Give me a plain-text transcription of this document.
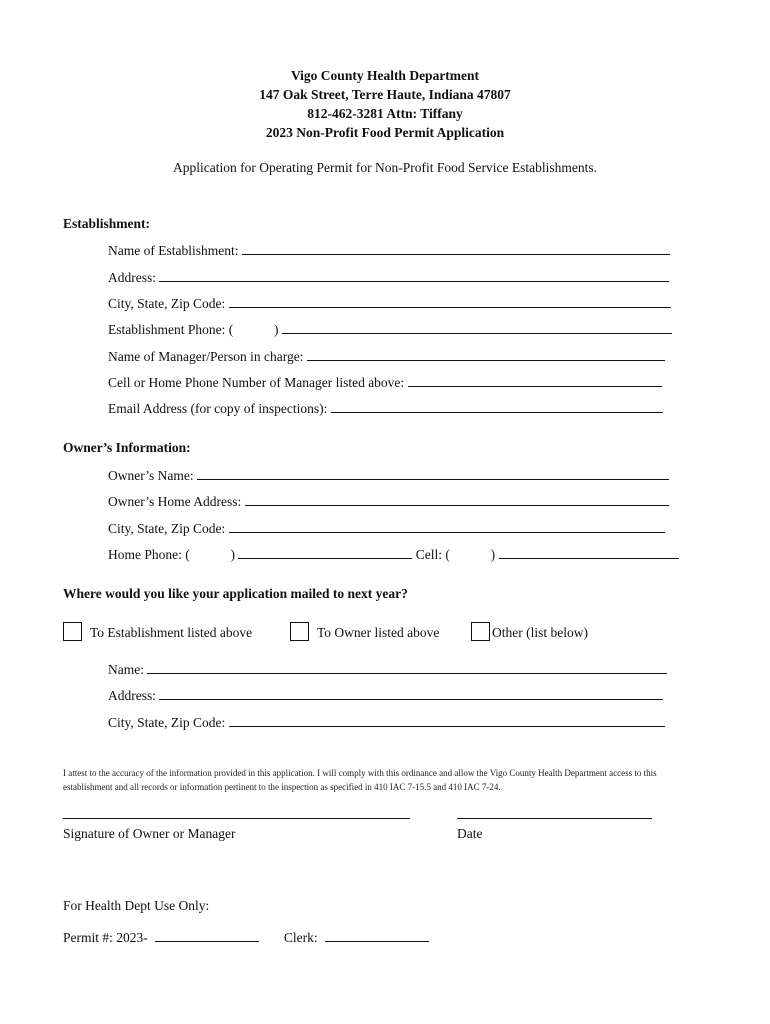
Vigo County Health Department
147 Oak Street, Terre Haute, Indiana 47807
812-462-3281 Attn: Tiffany
2023 Non-Profit Food Permit Application
Application for Operating Permit for Non-Profit Food Service Establishments.
Establishment:
Name of Establishment:
Address:
City, State, Zip Code:
Establishment Phone: (	)
Name of Manager/Person in charge:
Cell or Home Phone Number of Manager listed above:
Email Address (for copy of inspections):
Owner’s Information:
Owner’s Name:
Owner’s Home Address:
City, State, Zip Code:
Home Phone: (	)	Cell: (	)
Where would you like your application mailed to next year?
To Establishment listed above	To Owner listed above	Other (list below)
Name:
Address:
City, State, Zip Code:
I attest to the accuracy of the information provided in this application. I will comply with this ordinance and allow the Vigo County Health Department access to this establishment and all records or information pertinent to the inspection as specified in 410 IAC 7-15.5 and 410 IAC 7-24.
Signature of Owner or Manager	Date
For Health Dept Use Only:
Permit #: 2023-	Clerk:
